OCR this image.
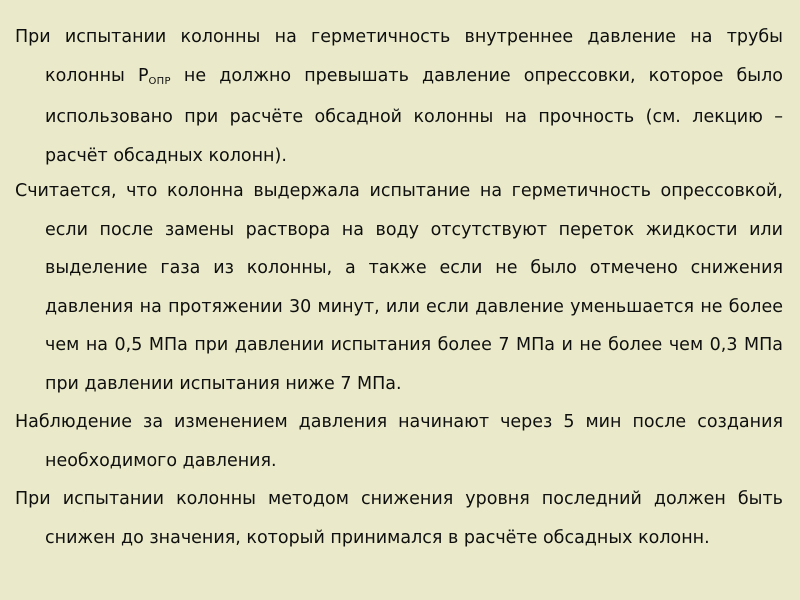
При испытании колонны на герметичность внутреннее давление на трубы колонны РОПР не должно превышать давление опрессовки, которое было использовано при расчёте обсадной колонны на прочность (см. лекцию – расчёт обсадных колонн).

Считается, что колонна выдержала испытание на герметичность опрессовкой, если после замены раствора на воду отсутствуют переток жидкости или выделение газа из колонны, а также если не было отмечено снижения давления на протяжении 30 минут, или если давление уменьшается не более чем на 0,5 МПа при давлении испытания более 7 МПа и не более чем 0,3 МПа при давлении испытания ниже 7 МПа.

Наблюдение за изменением давления начинают через 5 мин после создания необходимого давления.

При испытании колонны методом снижения уровня последний должен быть снижен до значения, который принимался в расчёте обсадных колонн.
